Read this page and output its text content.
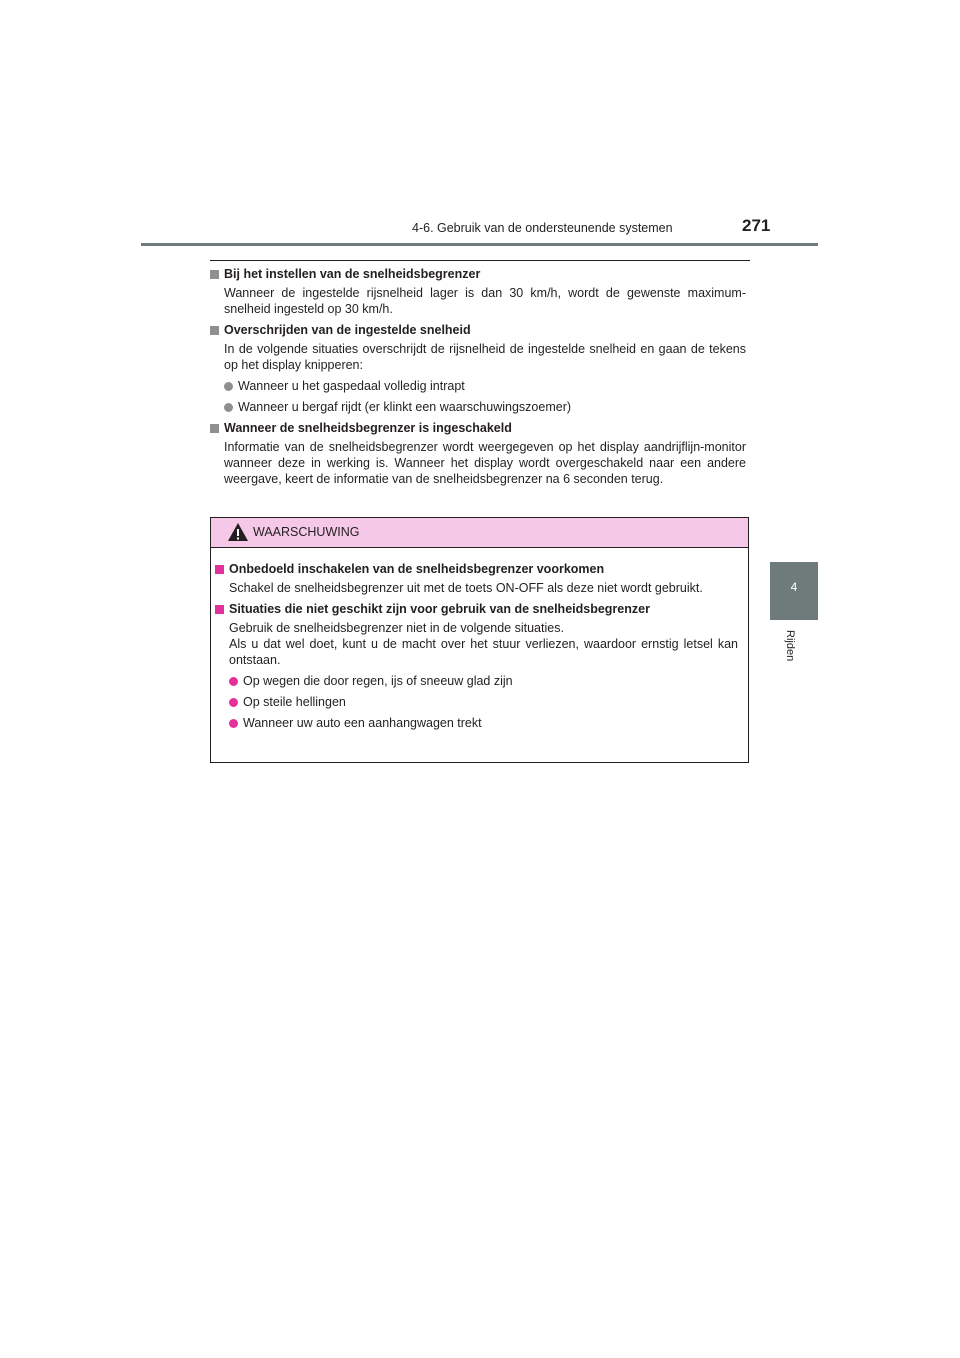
4-6. Gebruik van de ondersteunende systemen	271
4
Rijden
Bij het instellen van de snelheidsbegrenzer
Wanneer de ingestelde rijsnelheid lager is dan 30 km/h, wordt de gewenste maximum-snelheid ingesteld op 30 km/h.
Overschrijden van de ingestelde snelheid
In de volgende situaties overschrijdt de rijsnelheid de ingestelde snelheid en gaan de tekens op het display knipperen:
Wanneer u het gaspedaal volledig intrapt
Wanneer u bergaf rijdt (er klinkt een waarschuwingszoemer)
Wanneer de snelheidsbegrenzer is ingeschakeld
Informatie van de snelheidsbegrenzer wordt weergegeven op het display aandrijflijn-monitor wanneer deze in werking is. Wanneer het display wordt overgeschakeld naar een andere weergave, keert de informatie van de snelheidsbegrenzer na 6 seconden terug.
WAARSCHUWING
Onbedoeld inschakelen van de snelheidsbegrenzer voorkomen
Schakel de snelheidsbegrenzer uit met de toets ON-OFF als deze niet wordt gebruikt.
Situaties die niet geschikt zijn voor gebruik van de snelheidsbegrenzer
Gebruik de snelheidsbegrenzer niet in de volgende situaties.
Als u dat wel doet, kunt u de macht over het stuur verliezen, waardoor ernstig letsel kan ontstaan.
Op wegen die door regen, ijs of sneeuw glad zijn
Op steile hellingen
Wanneer uw auto een aanhangwagen trekt
